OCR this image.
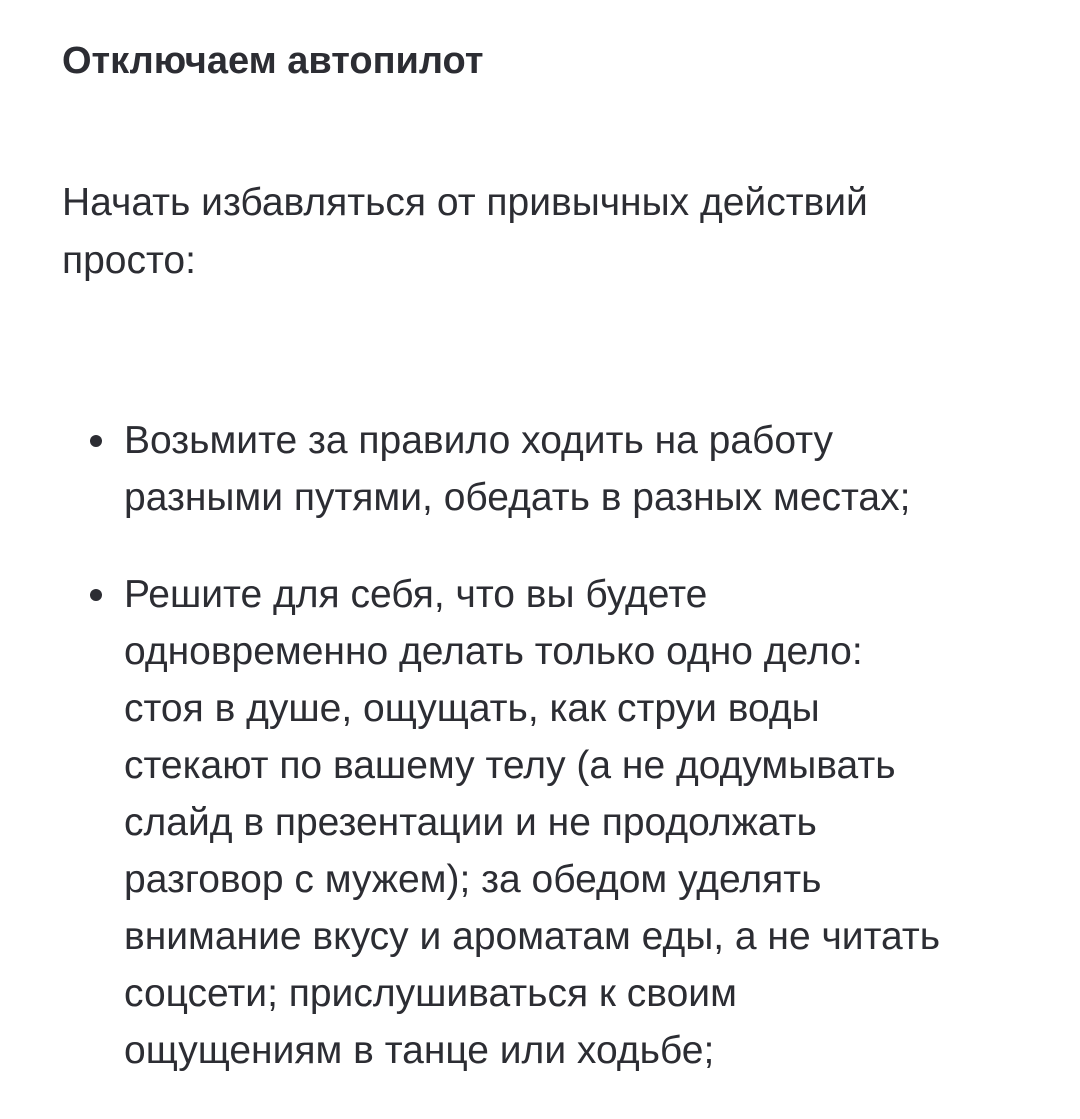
Отключаем автопилот

Начать избавляться от привычных действий
просто:

Возьмите за правило ходить на работу
разными путями, обедать в разных местах;
Решите для себя, что вы будете
одновременно делать только одно дело:
стоя в душе, ощущать, как струи воды
стекают по вашему телу (а не додумывать
слайд в презентации и не продолжать
разговор с мужем); за обедом уделять
внимание вкусу и ароматам еды, а не читать
соцсети; прислушиваться к своим
ощущениям в танце или ходьбе;
